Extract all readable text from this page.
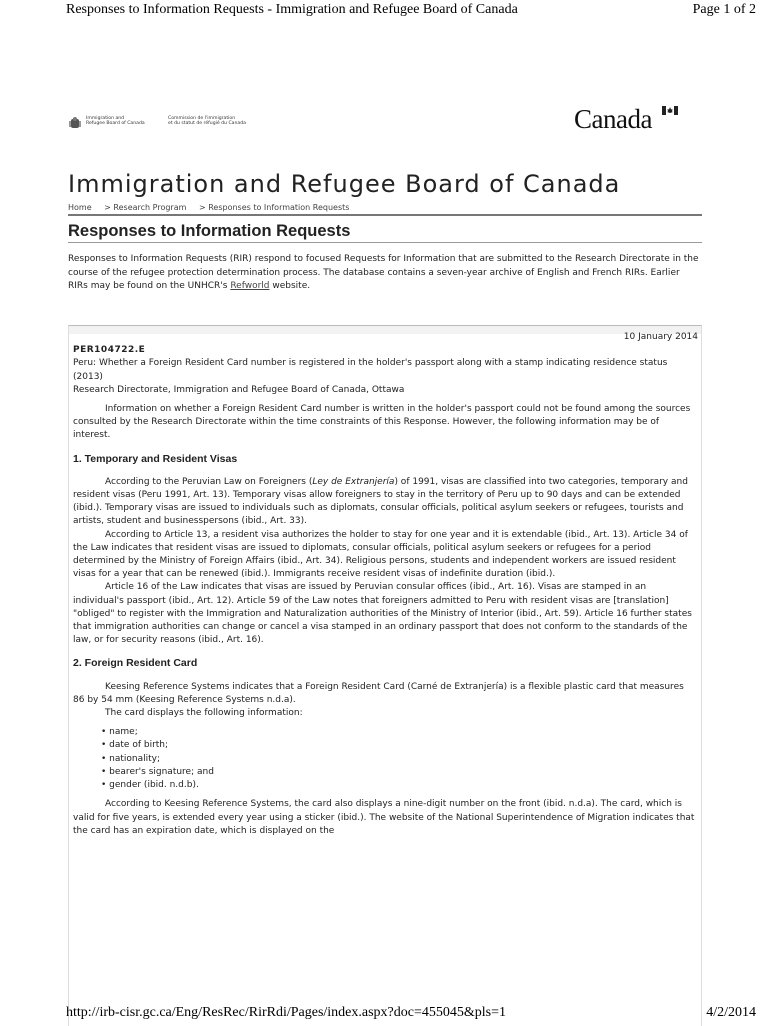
Responses to Information Requests - Immigration and Refugee Board of Canada	Page 1 of 2
Immigration and
Refugee Board of Canada
Commission de l'immigration
et du statut de réfugié du Canada	Canada
Immigration and Refugee Board of Canada
Home > Research Program > Responses to Information Requests
Responses to Information Requests
Responses to Information Requests (RIR) respond to focused Requests for Information that are submitted to the Research Directorate in the course of the refugee protection determination process. The database contains a seven-year archive of English and French RIRs. Earlier RIRs may be found on the UNHCR's Refworld website.

10 January 2014

PER104722.E

Peru: Whether a Foreign Resident Card number is registered in the holder's passport along with a stamp indicating residence status (2013)

Research Directorate, Immigration and Refugee Board of Canada, Ottawa

Information on whether a Foreign Resident Card number is written in the holder's passport could not be found among the sources consulted by the Research Directorate within the time constraints of this Response. However, the following information may be of interest.

1. Temporary and Resident Visas

According to the Peruvian Law on Foreigners (Ley de Extranjería) of 1991, visas are classified into two categories, temporary and resident visas (Peru 1991, Art. 13). Temporary visas allow foreigners to stay in the territory of Peru up to 90 days and can be extended (ibid.). Temporary visas are issued to individuals such as diplomats, consular officials, political asylum seekers or refugees, tourists and artists, student and businesspersons (ibid., Art. 33).

According to Article 13, a resident visa authorizes the holder to stay for one year and it is extendable (ibid., Art. 13). Article 34 of the Law indicates that resident visas are issued to diplomats, consular officials, political asylum seekers or refugees for a period determined by the Ministry of Foreign Affairs (ibid., Art. 34). Religious persons, students and independent workers are issued resident visas for a year that can be renewed (ibid.). Immigrants receive resident visas of indefinite duration (ibid.).

Article 16 of the Law indicates that visas are issued by Peruvian consular offices (ibid., Art. 16). Visas are stamped in an individual's passport (ibid., Art. 12). Article 59 of the Law notes that foreigners admitted to Peru with resident visas are [translation] "obliged" to register with the Immigration and Naturalization authorities of the Ministry of Interior (ibid., Art. 59). Article 16 further states that immigration authorities can change or cancel a visa stamped in an ordinary passport that does not conform to the standards of the law, or for security reasons (ibid., Art. 16).

2. Foreign Resident Card

Keesing Reference Systems indicates that a Foreign Resident Card (Carné de Extranjería) is a flexible plastic card that measures 86 by 54 mm (Keesing Reference Systems n.d.a).

The card displays the following information:

• name;
• date of birth;
• nationality;
• bearer's signature; and
• gender (ibid. n.d.b).

According to Keesing Reference Systems, the card also displays a nine-digit number on the front (ibid. n.d.a). The card, which is valid for five years, is extended every year using a sticker (ibid.). The website of the National Superintendence of Migration indicates that the card has an expiration date, which is displayed on the

http://irb-cisr.gc.ca/Eng/ResRec/RirRdi/Pages/index.aspx?doc=455045&pls=1	4/2/2014
